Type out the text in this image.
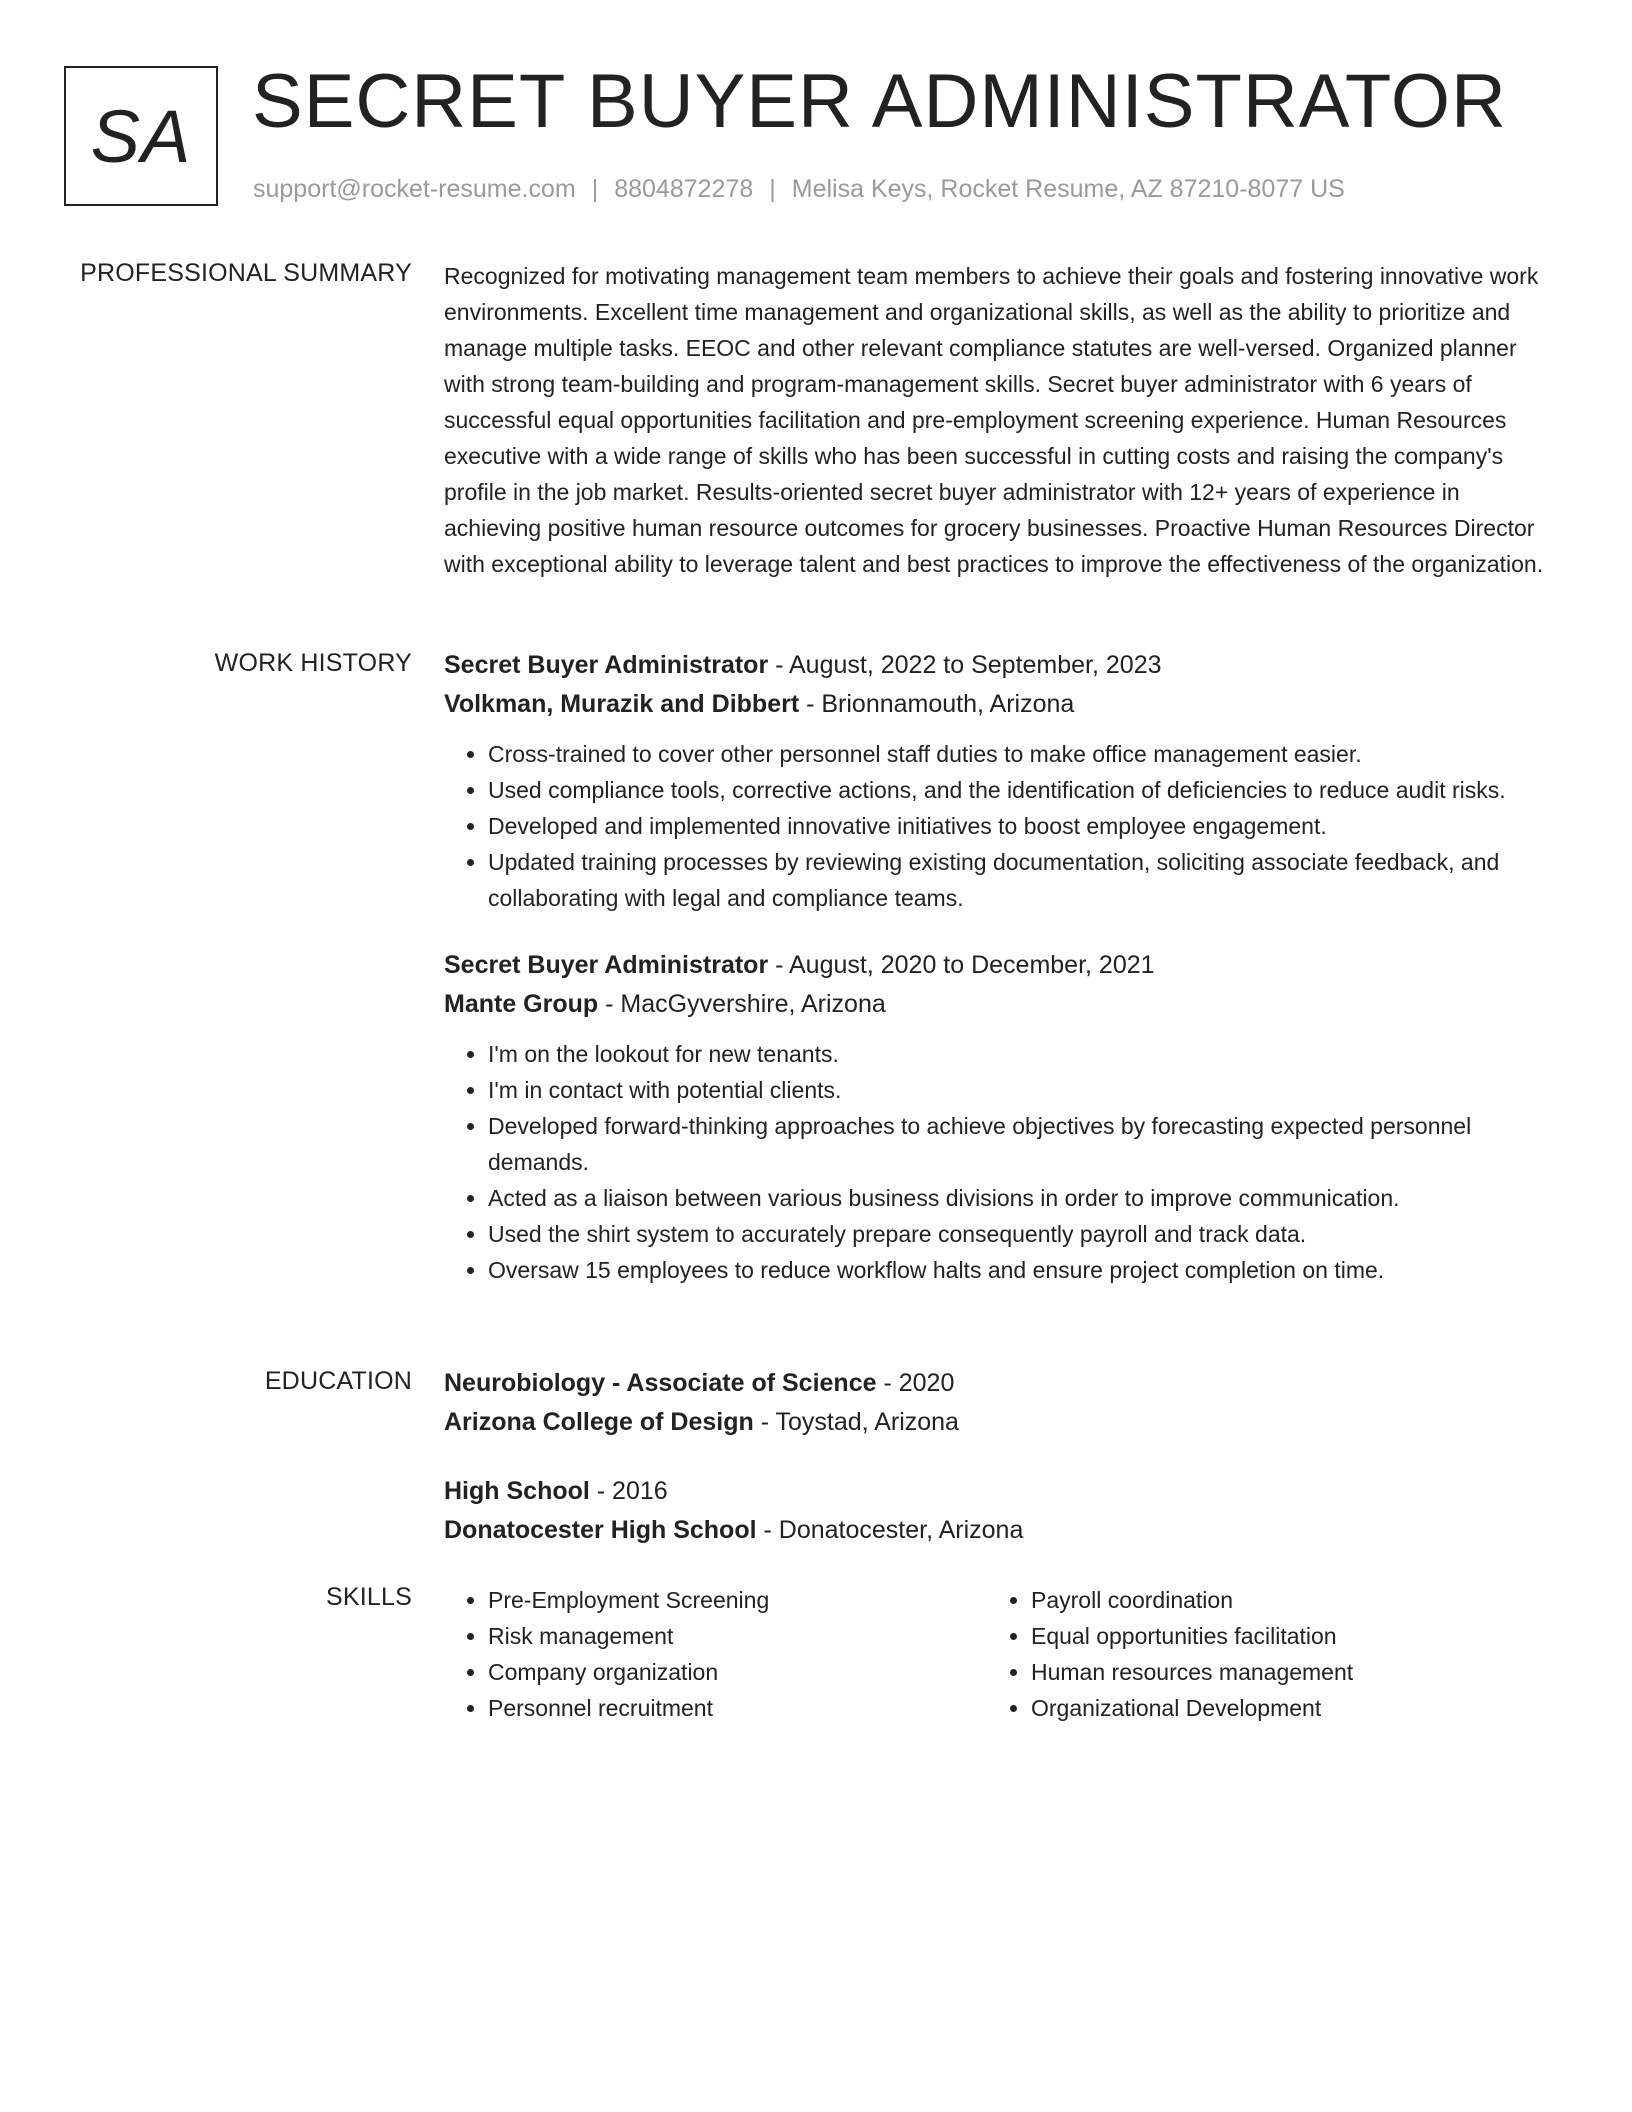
SA SECRET BUYER ADMINISTRATOR
support@rocket-resume.com | 8804872278 | Melisa Keys, Rocket Resume, AZ 87210-8077 US
PROFESSIONAL SUMMARY Recognized for motivating management team members to achieve their goals and fostering innovative work environments. Excellent time management and organizational skills, as well as the ability to prioritize and manage multiple tasks. EEOC and other relevant compliance statutes are well-versed. Organized planner with strong team-building and program-management skills. Secret buyer administrator with 6 years of successful equal opportunities facilitation and pre-employment screening experience. Human Resources executive with a wide range of skills who has been successful in cutting costs and raising the company's profile in the job market. Results-oriented secret buyer administrator with 12+ years of experience in achieving positive human resource outcomes for grocery businesses. Proactive Human Resources Director with exceptional ability to leverage talent and best practices to improve the effectiveness of the organization.

WORK HISTORY Secret Buyer Administrator - August, 2022 to September, 2023
Volkman, Murazik and Dibbert - Brionnamouth, Arizona
• Cross-trained to cover other personnel staff duties to make office management easier.
• Used compliance tools, corrective actions, and the identification of deficiencies to reduce audit risks.
• Developed and implemented innovative initiatives to boost employee engagement.
• Updated training processes by reviewing existing documentation, soliciting associate feedback, and collaborating with legal and compliance teams.
Secret Buyer Administrator - August, 2020 to December, 2021
Mante Group - MacGyvershire, Arizona
• I'm on the lookout for new tenants.
• I'm in contact with potential clients.
• Developed forward-thinking approaches to achieve objectives by forecasting expected personnel demands.
• Acted as a liaison between various business divisions in order to improve communication.
• Used the shirt system to accurately prepare consequently payroll and track data.
• Oversaw 15 employees to reduce workflow halts and ensure project completion on time.
EDUCATION Neurobiology - Associate of Science - 2020
Arizona College of Design - Toystad, Arizona
High School - 2016
Donatocester High School - Donatocester, Arizona
SKILLS
•	Pre-Employment Screening
• Risk management
• Company organization
• Personnel recruitment
• Payroll coordination
• Equal opportunities facilitation
• Human resources management
• Organizational Development
